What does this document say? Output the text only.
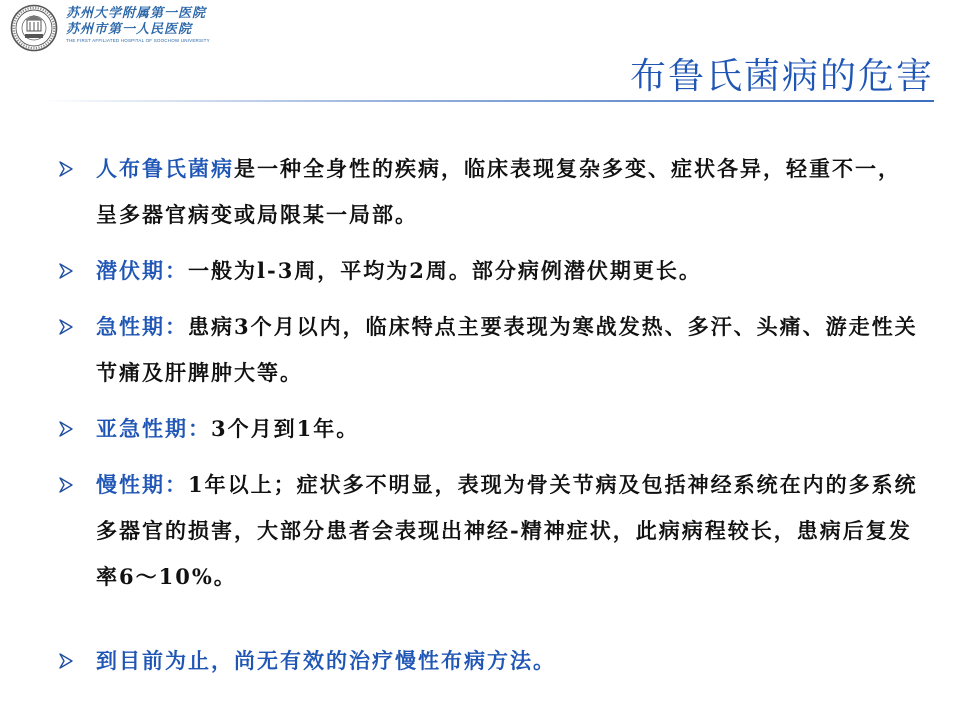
苏州大学附属第一医院
苏州市第一人民医院
THE FIRST AFFILIATED HOSPITAL OF SOOCHOW UNIVERSITY
布鲁氏菌病的危害
人布鲁氏菌病是一种全身性的疾病，临床表现复杂多变、症状各异，轻重不一，呈多器官病变或局限某一局部。
潜伏期：一般为l-3周，平均为2周。部分病例潜伏期更长。
急性期：患病3个月以内，临床特点主要表现为寒战发热、多汗、头痛、游走性关节痛及肝脾肿大等。
亚急性期：3个月到1年。
慢性期：1年以上；症状多不明显，表现为骨关节病及包括神经系统在内的多系统多器官的损害，大部分患者会表现出神经-精神症状，此病病程较长，患病后复发率6～10%。
到目前为止，尚无有效的治疗慢性布病方法。
